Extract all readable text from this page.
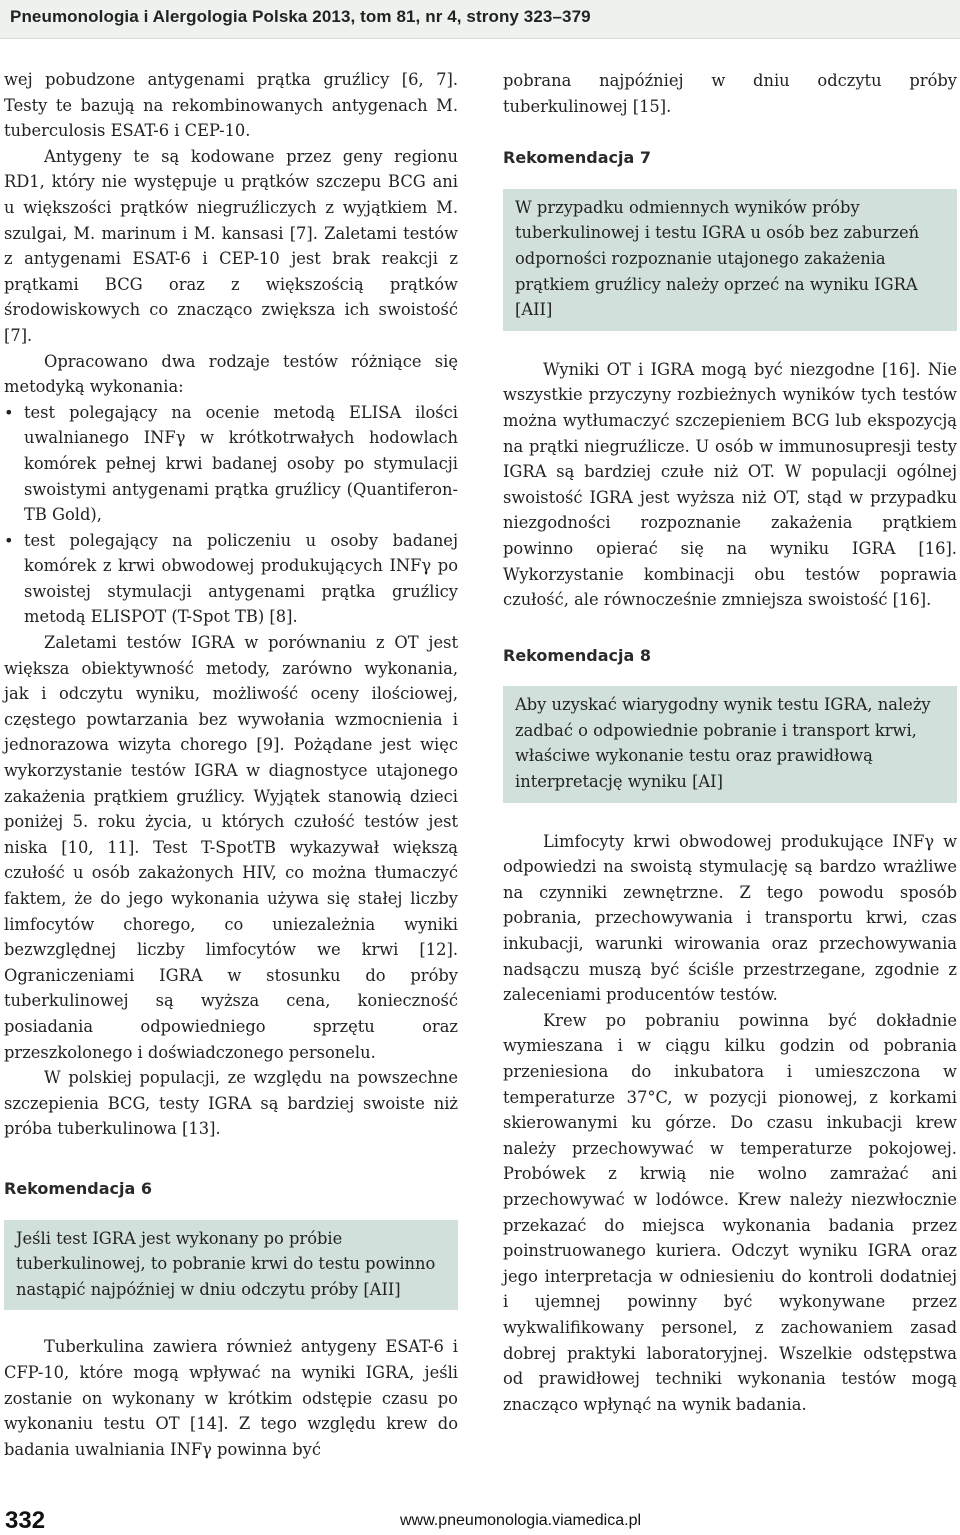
Pneumonologia i Alergologia Polska 2013, tom 81, nr 4, strony 323–379

wej pobudzone antygenami prątka gruźlicy [6, 7]. Testy te bazują na rekombinowanych antygenach M. tuberculosis ESAT-6 i CEP-10.

Antygeny te są kodowane przez geny regionu RD1, który nie występuje u prątków szczepu BCG ani u większości prątków niegruźliczych z wyjątkiem M. szulgai, M. marinum i M. kansasi [7]. Zaletami testów z antygenami ESAT-6 i CEP-10 jest brak reakcji z prątkami BCG oraz z większością prątków środowiskowych co znacząco zwiększa ich swoistość [7].

Opracowano dwa rodzaje testów różniące się metodyką wykonania:

• test polegający na ocenie metodą ELISA ilości uwalnianego INFγ w krótkotrwałych hodowlach komórek pełnej krwi badanej osoby po stymulacji swoistymi antygenami prątka gruźlicy (Quantiferon-TB Gold),
• test polegający na policzeniu u osoby badanej komórek z krwi obwodowej produkujących INFγ po swoistej stymulacji antygenami prątka gruźlicy metodą ELISPOT (T-Spot TB) [8].

Zaletami testów IGRA w porównaniu z OT jest większa obiektywność metody, zarówno wykonania, jak i odczytu wyniku, możliwość oceny ilościowej, częstego powtarzania bez wywołania wzmocnienia i jednorazowa wizyta chorego [9]. Pożądane jest więc wykorzystanie testów IGRA w diagnostyce utajonego zakażenia prątkiem gruźlicy. Wyjątek stanowią dzieci poniżej 5. roku życia, u których czułość testów jest niska [10, 11]. Test T-SpotTB wykazywał większą czułość u osób zakażonych HIV, co można tłumaczyć faktem, że do jego wykonania używa się stałej liczby limfocytów chorego, co uniezależnia wyniki bezwzględnej liczby limfocytów we krwi [12]. Ograniczeniami IGRA w stosunku do próby tuberkulinowej są wyższa cena, konieczność posiadania odpowiedniego sprzętu oraz przeszkolonego i doświadczonego personelu.

W polskiej populacji, ze względu na powszechne szczepienia BCG, testy IGRA są bardziej swoiste niż próba tuberkulinowa [13].

Rekomendacja 6

Jeśli test IGRA jest wykonany po próbie tuberkulinowej, to pobranie krwi do testu powinno nastąpić najpóźniej w dniu odczytu próby [AII]

Tuberkulina zawiera również antygeny ESAT-6 i CFP-10, które mogą wpływać na wyniki IGRA, jeśli zostanie on wykonany w krótkim odstępie czasu po wykonaniu testu OT [14]. Z tego względu krew do badania uwalniania INFγ powinna być

pobrana najpóźniej w dniu odczytu próby tuberkulinowej [15].

Rekomendacja 7

W przypadku odmiennych wyników próby tuberkulinowej i testu IGRA u osób bez zaburzeń odporności rozpoznanie utajonego zakażenia prątkiem gruźlicy należy oprzeć na wyniku IGRA [AII]

Wyniki OT i IGRA mogą być niezgodne [16]. Nie wszystkie przyczyny rozbieżnych wyników tych testów można wytłumaczyć szczepieniem BCG lub ekspozycją na prątki niegruźlicze. U osób w immunosupresji testy IGRA są bardziej czułe niż OT. W populacji ogólnej swoistość IGRA jest wyższa niż OT, stąd w przypadku niezgodności rozpoznanie zakażenia prątkiem powinno opierać się na wyniku IGRA [16]. Wykorzystanie kombinacji obu testów poprawia czułość, ale równocześnie zmniejsza swoistość [16].

Rekomendacja 8

Aby uzyskać wiarygodny wynik testu IGRA, należy zadbać o odpowiednie pobranie i transport krwi, właściwe wykonanie testu oraz prawidłową interpretację wyniku [AI]

Limfocyty krwi obwodowej produkujące INFγ w odpowiedzi na swoistą stymulację są bardzo wrażliwe na czynniki zewnętrzne. Z tego powodu sposób pobrania, przechowywania i transportu krwi, czas inkubacji, warunki wirowania oraz przechowywania nadsączu muszą być ściśle przestrzegane, zgodnie z zaleceniami producentów testów.

Krew po pobraniu powinna być dokładnie wymieszana i w ciągu kilku godzin od pobrania przeniesiona do inkubatora i umieszczona w temperaturze 37°C, w pozycji pionowej, z korkami skierowanymi ku górze. Do czasu inkubacji krew należy przechowywać w temperaturze pokojowej. Probówek z krwią nie wolno zamrażać ani przechowywać w lodówce. Krew należy niezwłocznie przekazać do miejsca wykonania badania przez poinstruowanego kuriera. Odczyt wyniku IGRA oraz jego interpretacja w odniesieniu do kontroli dodatniej i ujemnej powinny być wykonywane przez wykwalifikowany personel, z zachowaniem zasad dobrej praktyki laboratoryjnej. Wszelkie odstępstwa od prawidłowej techniki wykonania testów mogą znacząco wpłynąć na wynik badania.

332	www.pneumonologia.viamedica.pl
